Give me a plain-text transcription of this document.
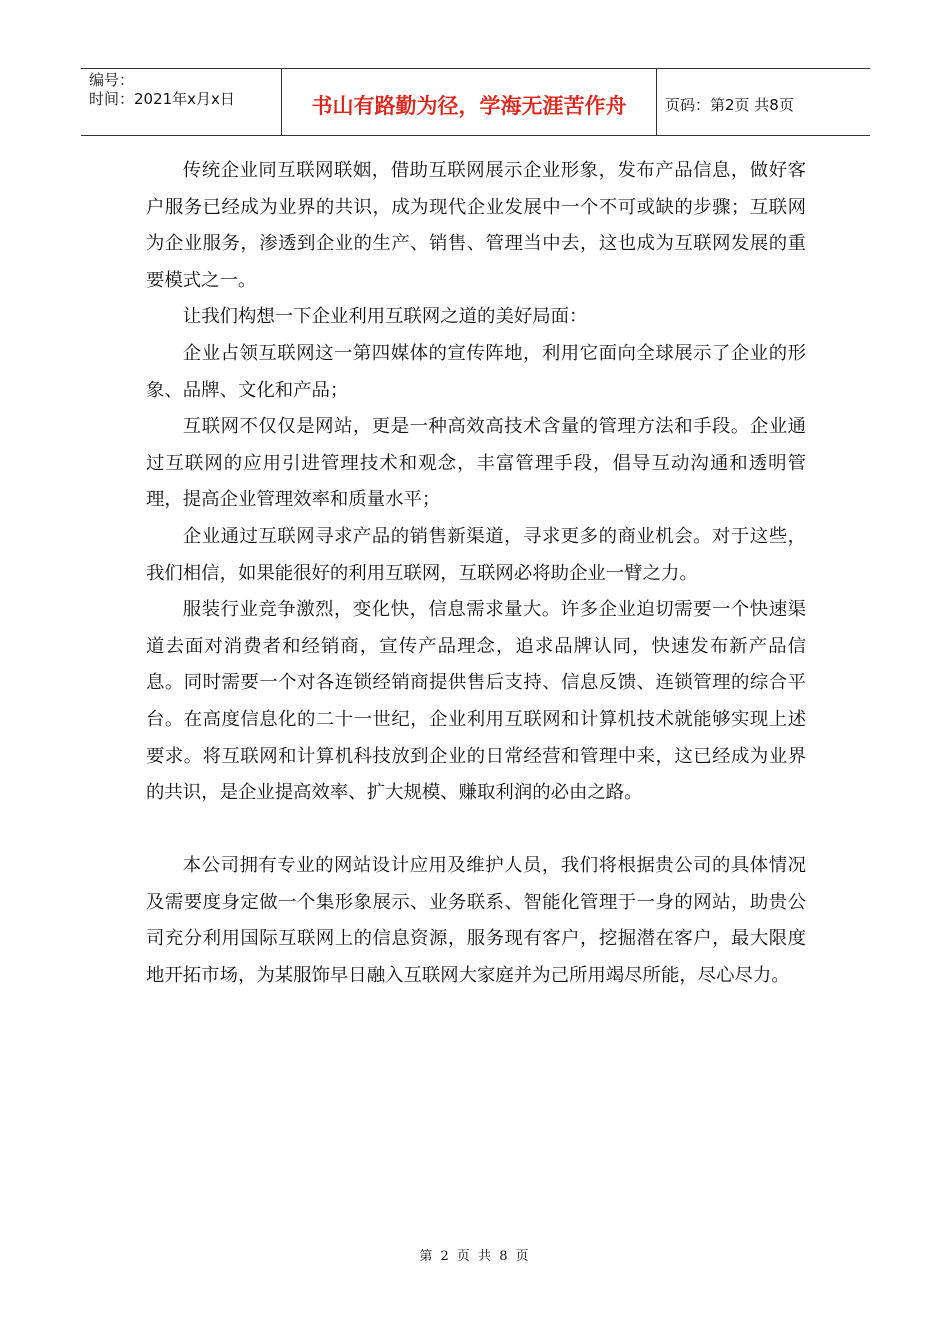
编号：
时间：2021年x月x日	书山有路勤为径，学海无涯苦作舟	页码：第2页 共8页

传统企业同互联网联姻，借助互联网展示企业形象，发布产品信息，做好客户服务已经成为业界的共识，成为现代企业发展中一个不可或缺的步骤；互联网为企业服务，渗透到企业的生产、销售、管理当中去，这也成为互联网发展的重要模式之一。

让我们构想一下企业利用互联网之道的美好局面：

企业占领互联网这一第四媒体的宣传阵地，利用它面向全球展示了企业的形象、品牌、文化和产品；

互联网不仅仅是网站，更是一种高效高技术含量的管理方法和手段。企业通过互联网的应用引进管理技术和观念，丰富管理手段，倡导互动沟通和透明管理，提高企业管理效率和质量水平；

企业通过互联网寻求产品的销售新渠道，寻求更多的商业机会。对于这些，我们相信，如果能很好的利用互联网，互联网必将助企业一臂之力。

服装行业竞争激烈，变化快，信息需求量大。许多企业迫切需要一个快速渠道去面对消费者和经销商，宣传产品理念，追求品牌认同，快速发布新产品信息。同时需要一个对各连锁经销商提供售后支持、信息反馈、连锁管理的综合平台。在高度信息化的二十一世纪，企业利用互联网和计算机技术就能够实现上述要求。将互联网和计算机科技放到企业的日常经营和管理中来，这已经成为业界的共识，是企业提高效率、扩大规模、赚取利润的必由之路。

本公司拥有专业的网站设计应用及维护人员，我们将根据贵公司的具体情况及需要度身定做一个集形象展示、业务联系、智能化管理于一身的网站，助贵公司充分利用国际互联网上的信息资源，服务现有客户，挖掘潜在客户，最大限度地开拓市场，为某服饰早日融入互联网大家庭并为己所用竭尽所能，尽心尽力。

第 2 页 共 8 页
